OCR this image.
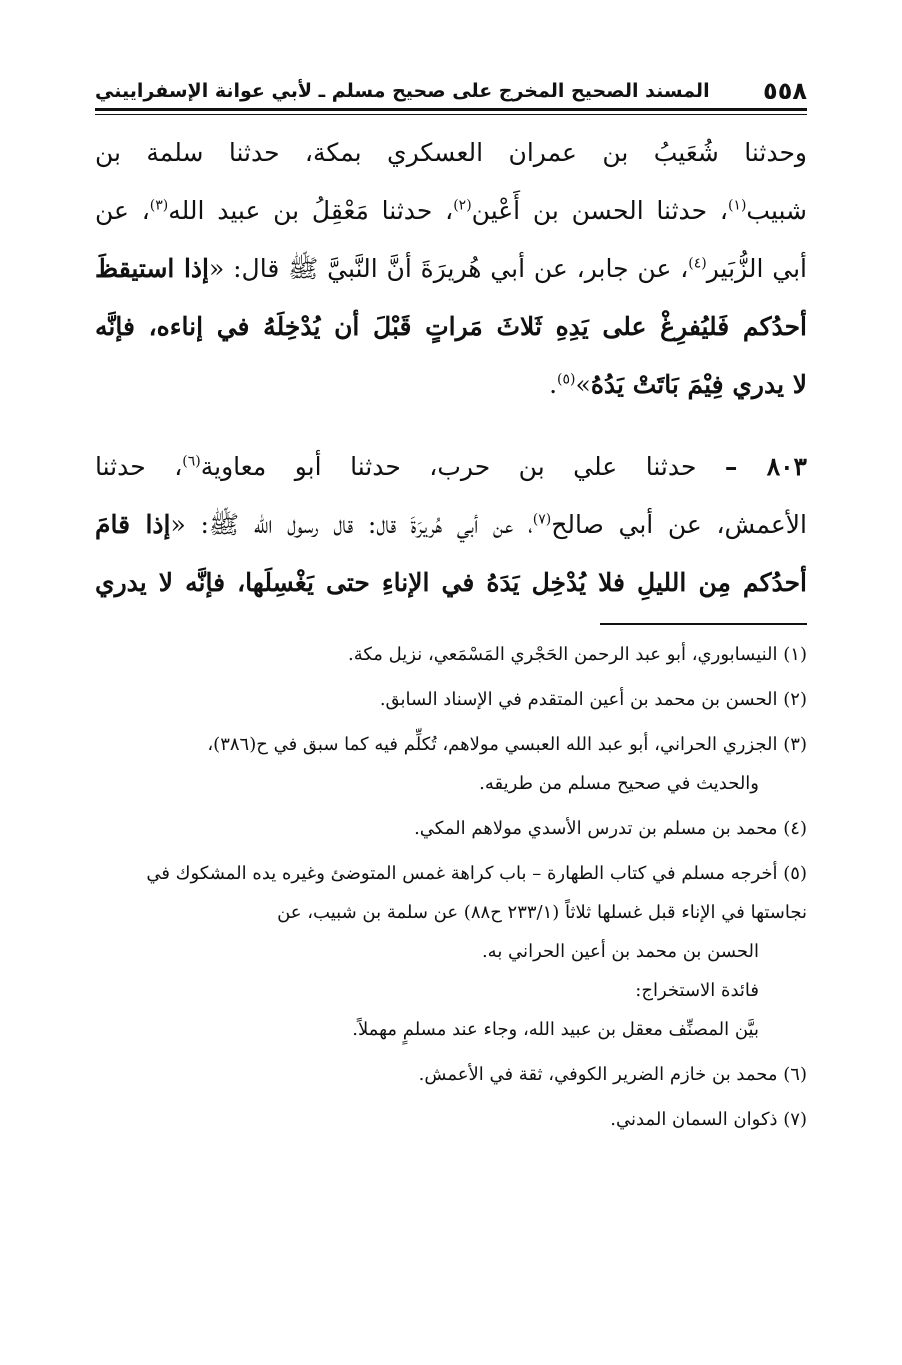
٥٥٨
المسند الصحيح المخرج على صحيح مسلم ـ لأبي عوانة الإسفراييني
وحدثنا شُعَيبُ بن عمران العسكري بمكة، حدثنا سلمة بن
شبيب$^{(١)}$، حدثنا الحسن بن أَعْين$^{(٢)}$، حدثنا مَعْقِلُ بن عبيد الله$^{(٣)}$، عن
أبي الزُّبَير$^{(٤)}$، عن جابر، عن أبي هُريرَةَ أنَّ النَّبيَّ ﷺ قال: «إذا استيقظَ
أحدُكم فَليُفرِغْ على يَدِهِ ثَلاثَ مَراتٍ قَبْلَ أن يُدْخِلَهُ في إناءه، فإنَّه
لا يدري فِيْمَ بَاتَتْ يَدُهُ»$^{(٥)}$.
٨٠٣ – حدثنا علي بن حرب، حدثنا أبو معاوية$^{(٦)}$، حدثنا
الأعمش، عن أبي صالح$^{(٧)}$، عن أبي هُريرَةَ قال: قال رسول الله ﷺ: «إذا قامَ
أحدُكم مِن الليلِ فلا يُدْخِل يَدَهُ في الإناءِ حتى يَغْسِلَها، فإنَّه لا يدري
(١) النيسابوري، أبو عبد الرحمن الحَجْري المَسْمَعي، نزيل مكة.
(٢) الحسن بن محمد بن أعين المتقدم في الإسناد السابق.
(٣) الجزري الحراني، أبو عبد الله العبسي مولاهم، تُكلِّم فيه كما سبق في ح(٣٨٦)،
والحديث في صحيح مسلم من طريقه.
(٤) محمد بن مسلم بن تدرس الأسدي مولاهم المكي.
(٥) أخرجه مسلم في كتاب الطهارة – باب كراهة غمس المتوضئ وغيره يده المشكوك في
نجاستها في الإناء قبل غسلها ثلاثاً (٢٣٣/١ ح٨٨) عن سلمة بن شبيب، عن
الحسن بن محمد بن أعين الحراني به.
فائدة الاستخراج:
بيَّن المصنِّف معقل بن عبيد الله، وجاء عند مسلمٍ مهملاً.
(٦) محمد بن خازم الضرير الكوفي، ثقة في الأعمش.
(٧) ذكوان السمان المدني.
